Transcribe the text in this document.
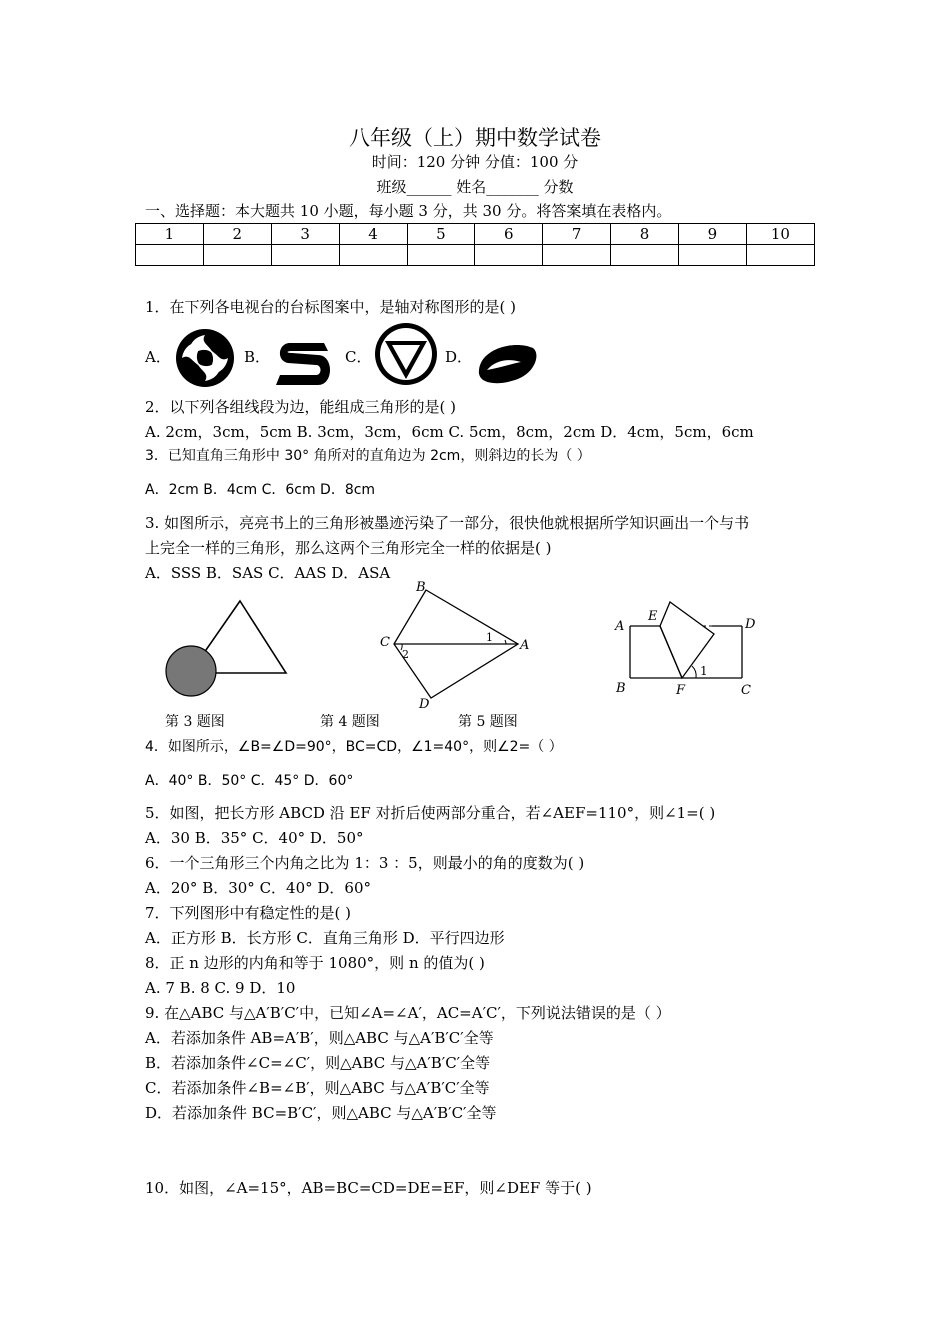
八年级（上）期中数学试卷
时间：120 分钟 分值：100 分
班级______ 姓名_______ 分数
一、选择题：本大题共 10 小题，每小题 3 分，共 30 分。将答案填在表格内。
1	2	3	4	5	6	7	8	9	10

1．在下列各电视台的台标图案中，是轴对称图形的是( )
A．	B．	C．	D．
2．以下列各组线段为边，能组成三角形的是( )
A. 2cm，3cm，5cm B. 3cm，3cm，6cm C. 5cm，8cm，2cm D．4cm，5cm，6cm
3．已知直角三角形中 30° 角所对的直角边为 2cm，则斜边的长为（ ）
A．2cm B．4cm C．6cm D．8cm
3. 如图所示，亮亮书上的三角形被墨迹污染了一部分，很快他就根据所学知识画出一个与书
上完全一样的三角形，那么这两个三角形完全一样的依据是( )
A．SSS B．SAS C．AAS D．ASA
B
C	A
D
1
2
A
E
D
B	F	C
1
第 3 题图	第 4 题图	第 5 题图
4．如图所示，∠B=∠D=90°，BC=CD，∠1=40°，则∠2=（ ）
A．40° B．50° C．45° D．60°
5．如图，把长方形 ABCD 沿 EF 对折后使两部分重合，若∠AEF=110°，则∠1=( )
A．30 B．35° C．40° D．50°
6．一个三角形三个内角之比为 1：3 ：5，则最小的角的度数为( )
A．20° B．30° C．40° D．60°
7．下列图形中有稳定性的是( )
A．正方形 B．长方形 C．直角三角形 D．平行四边形
8．正 n 边形的内角和等于 1080°，则 n 的值为( )
A. 7 B. 8 C. 9 D．10
9. 在△ABC 与△A′B′C′中，已知∠A=∠A′，AC=A′C′，下列说法错误的是（ ）
A．若添加条件 AB=A′B′，则△ABC 与△A′B′C′全等
B．若添加条件∠C=∠C′，则△ABC 与△A′B′C′全等
C．若添加条件∠B=∠B′，则△ABC 与△A′B′C′全等
D．若添加条件 BC=B′C′，则△ABC 与△A′B′C′全等
10．如图，∠A=15°，AB=BC=CD=DE=EF，则∠DEF 等于( )
